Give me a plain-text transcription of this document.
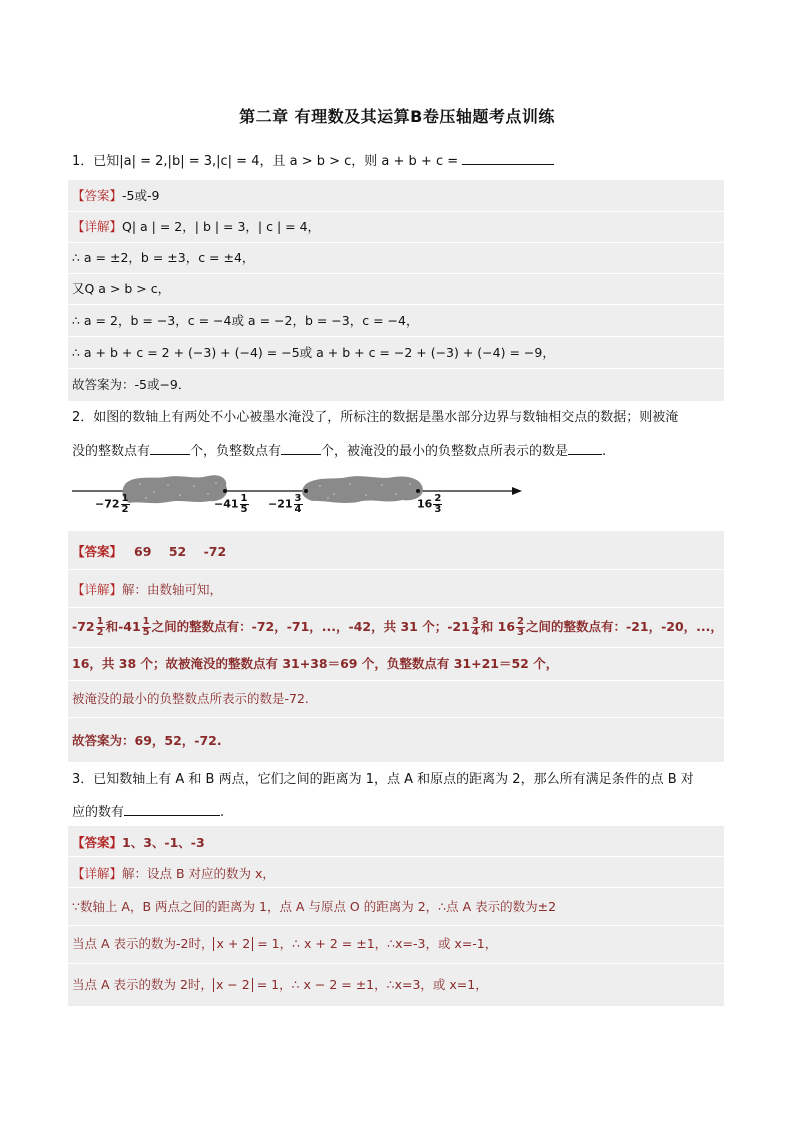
第二章 有理数及其运算B卷压轴题考点训练
1．已知|a| = 2,|b| = 3,|c| = 4，且 a > b > c，则 a + b + c =
【答案】-5或-9
【详解】Q| a | = 2，| b | = 3，| c | = 4，
∴ a = ±2，b = ±3，c = ±4，
又Q a > b > c，
∴ a = 2，b = −3，c = −4或 a = −2，b = −3，c = −4，
∴ a + b + c = 2 + (−3) + (−4) = −5或 a + b + c = −2 + (−3) + (−4) = −9，
故答案为：-5或−9．
2．如图的数轴上有两处不小心被墨水淹没了，所标注的数据是墨水部分边界与数轴相交点的数据；则被淹
没的整数点有	个，负整数点有	个，被淹没的最小的负整数点所表示的数是	.
$-72 \frac{1}{2}$	$-41 \frac{1}{5} -21 \frac{3}{4}$	$16 \frac{2}{3}$
【答案】 69    52    -72
【详解】解：由数轴可知，
$-72 \frac{1}{2}$ 和$-41 \frac{1}{5}$ 之间的整数点有：-72，-71，...，-42，共 31 个；$-21 \frac{3}{4}$ 和 $16 \frac{2}{3}$ 之间的整数点有：-21，-20，...，
16，共 38 个；故被淹没的整数点有 31+38＝69 个，负整数点有 31+21＝52 个，
被淹没的最小的负整数点所表示的数是-72.
故答案为：69，52，-72.
3．已知数轴上有 A 和 B 两点，它们之间的距离为 1，点 A 和原点的距离为 2，那么所有满足条件的点 B 对
应的数有	.
【答案】1、3、-1、-3
【详解】解：设点 B 对应的数为 x，
∵数轴上 A，B 两点之间的距离为 1，点 A 与原点 O 的距离为 2，∴点 A 表示的数为±2
当点 A 表示的数为-2时， x + 2 = 1，∴ x + 2 = ±1，∴x=-3，或 x=-1，
当点 A 表示的数为 2时， x − 2 = 1，∴ x − 2 = ±1，∴x=3，或 x=1，
